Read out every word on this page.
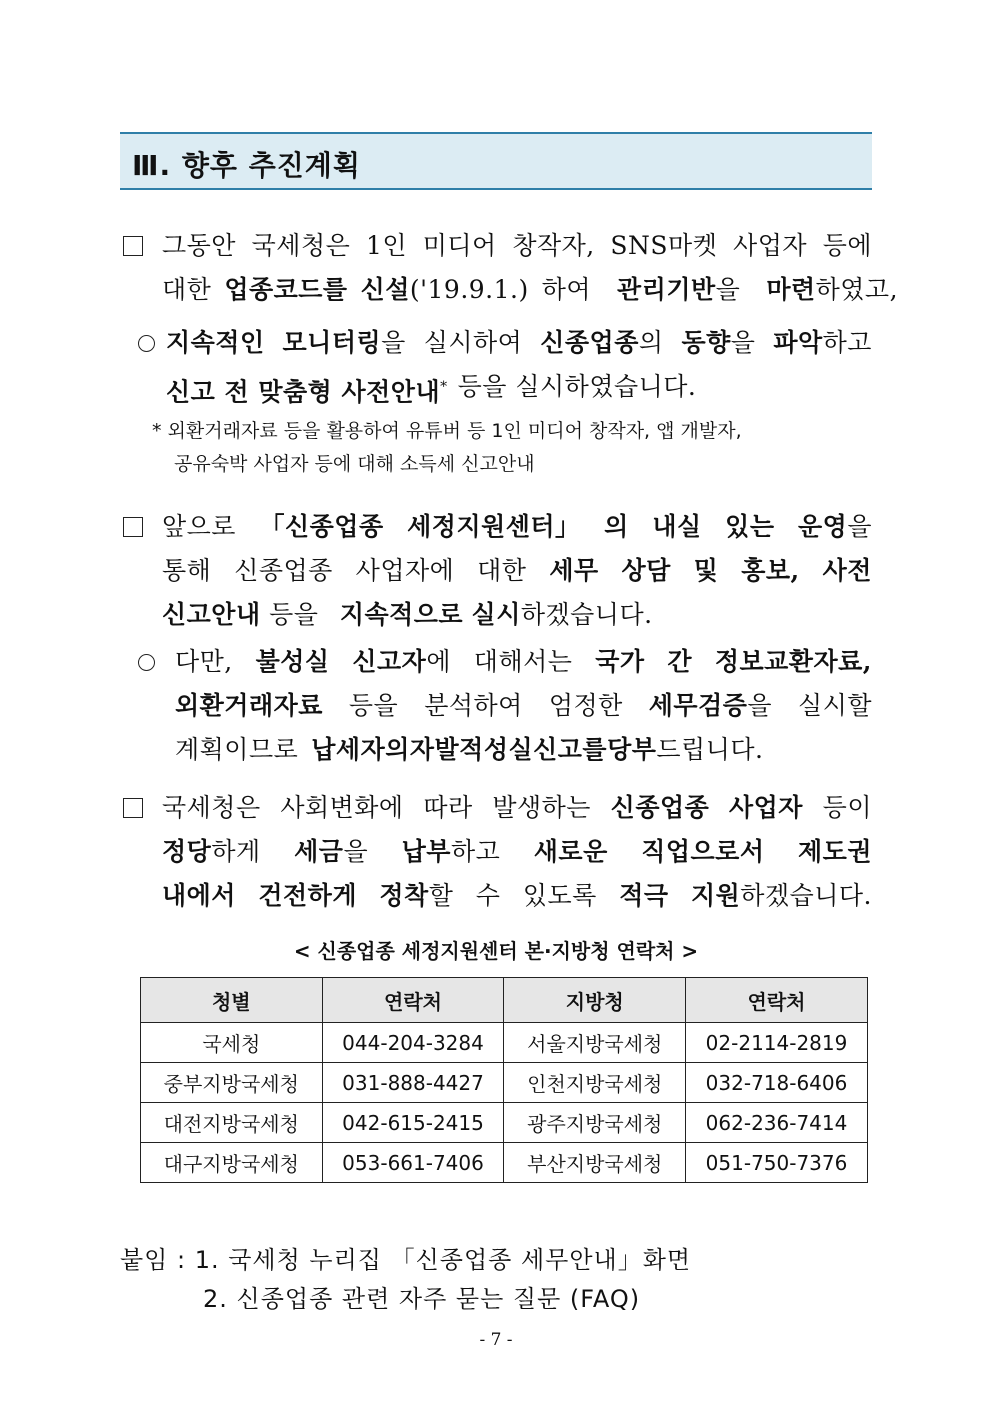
Ⅲ. 향후 추진계획
그동안 국세청은 1인 미디어 창작자, SNS마켓 사업자 등에
대한 업종코드를 신설('19.9.1.) 하여	관리기반을	마련하였고,
지속적인 모니터링을 실시하여 신종업종의 동향을 파악하고
신고 전 맞춤형 사전안내* 등을 실시하였습니다.
* 외환거래자료 등을 활용하여 유튜버 등 1인 미디어 창작자, 앱 개발자,
공유숙박 사업자 등에 대해 소득세 신고안내
앞으로 「신종업종 세정지원센터」 의 내실 있는 운영을
통해 신종업종 사업자에 대한 세무 상담 및 홍보, 사전
신고안내
등을
지속적으로
실시 하겠습니다.
다만, 불성실 신고자에 대해서는 국가 간 정보교환자료,
외환거래자료 등을 분석하여 엄정한 세무검증을 실시할
계획이므로 납세자의 자발적 성실신고를 당부 드립니다.
국세청은 사회변화에 따라 발생하는 신종업종 사업자 등이
정당하게 세금을 납부하고 새로운 직업으로서 제도권
내에서 건전하게 정착할 수 있도록 적극 지원하겠습니다.
< 신종업종 세정지원센터 본·지방청 연락처 >
청별	연락처	지방청	연락처
국세청	044-204-3284	서울지방국세청	02-2114-2819
중부지방국세청	031-888-4427	인천지방국세청	032-718-6406
대전지방국세청	042-615-2415	광주지방국세청	062-236-7414
대구지방국세청	053-661-7406	부산지방국세청	051-750-7376
붙임 : 1. 국세청 누리집 「신종업종 세무안내」화면
2. 신종업종 관련 자주 묻는 질문 (FAQ)
- 7 -
